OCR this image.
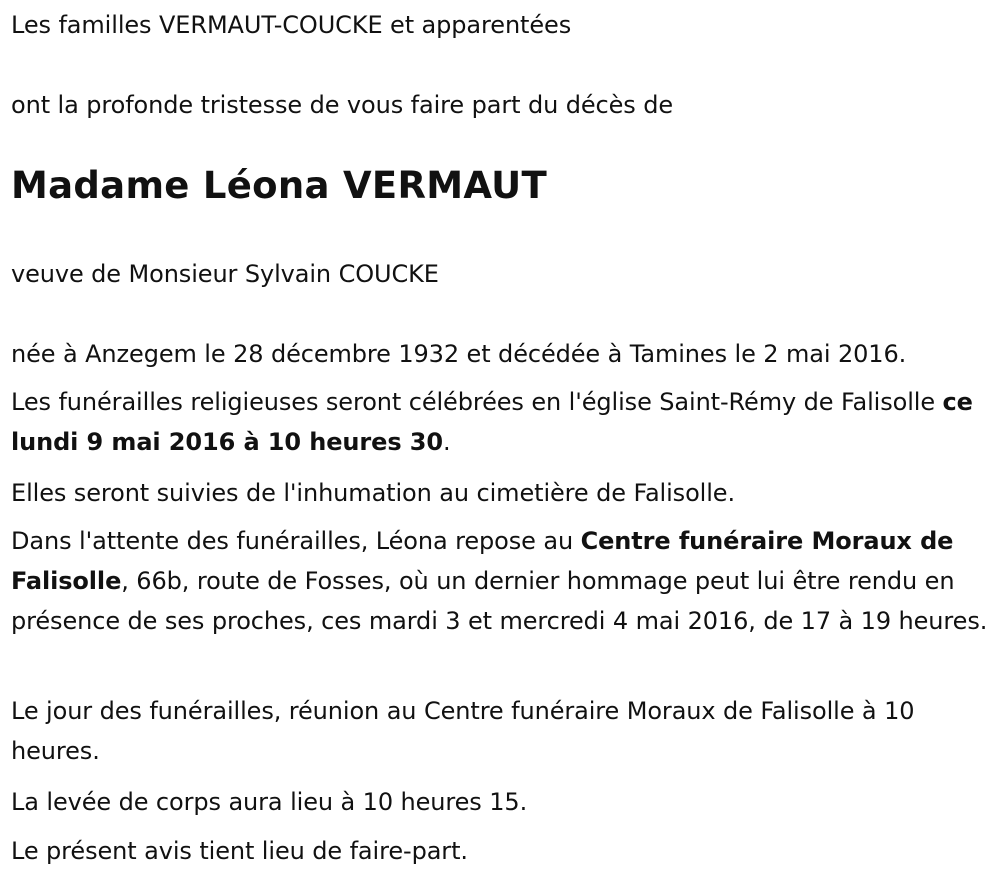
Les familles VERMAUT-COUCKE et apparentées

ont la profonde tristesse de vous faire part du décès de

Madame Léona VERMAUT

veuve de Monsieur Sylvain COUCKE

née à Anzegem le 28 décembre 1932 et décédée à Tamines le 2 mai 2016.

Les funérailles religieuses seront célébrées en l'église Saint-Rémy de Falisolle ce lundi 9 mai 2016 à 10 heures 30.

Elles seront suivies de l'inhumation au cimetière de Falisolle.

Dans l'attente des funérailles, Léona repose au Centre funéraire Moraux de Falisolle, 66b, route de Fosses, où un dernier hommage peut lui être rendu en présence de ses proches, ces mardi 3 et mercredi 4 mai 2016, de 17 à 19 heures.

Le jour des funérailles, réunion au Centre funéraire Moraux de Falisolle à 10 heures.

La levée de corps aura lieu à 10 heures 15.

Le présent avis tient lieu de faire-part.
